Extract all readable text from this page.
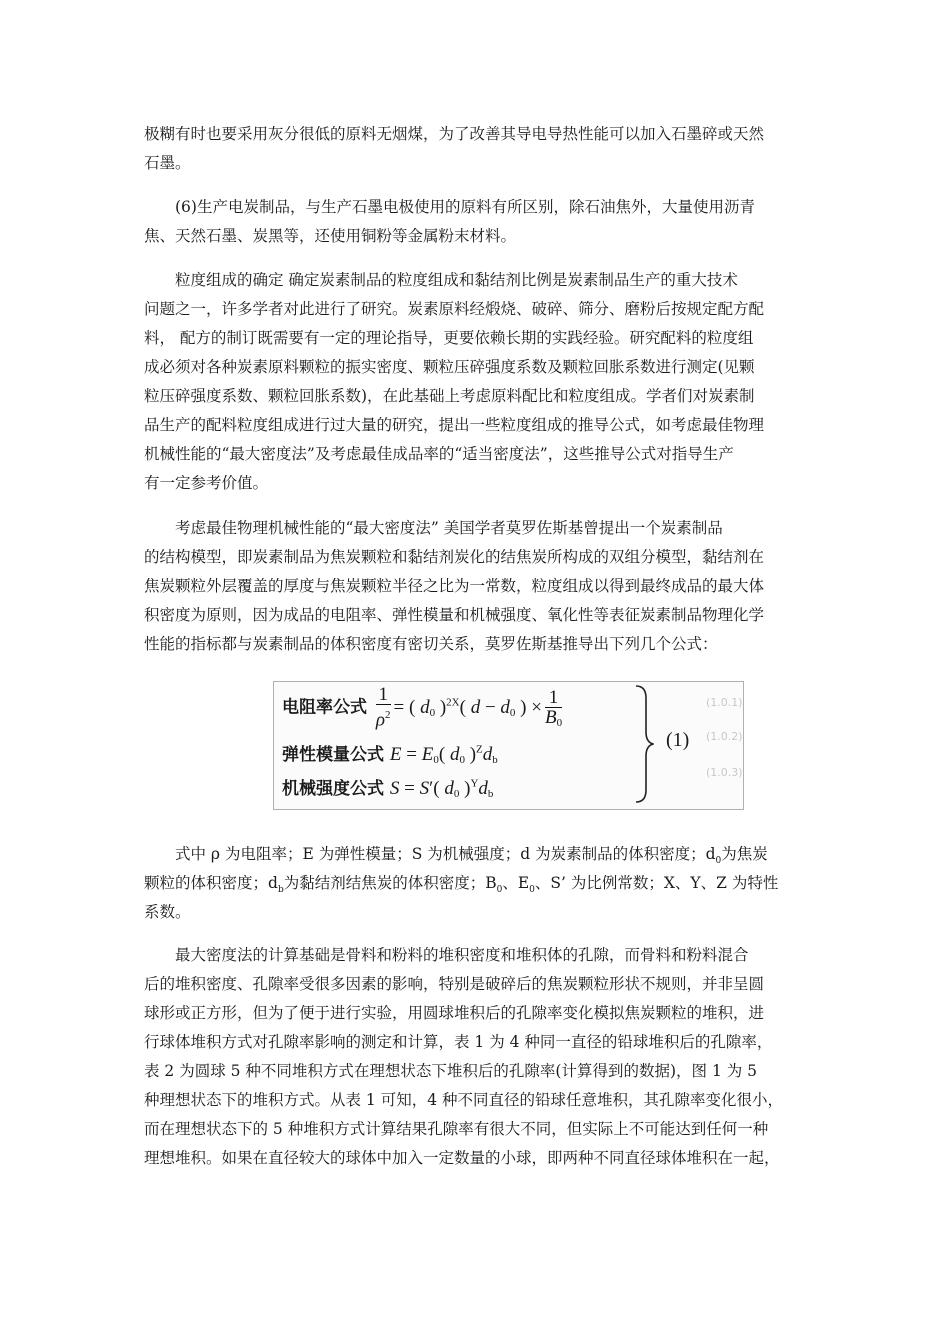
极糊有时也要采用灰分很低的原料无烟煤，为了改善其导电导热性能可以加入石墨碎或天然
石墨。

(6)生产电炭制品，与生产石墨电极使用的原料有所区别，除石油焦外，大量使用沥青
焦、天然石墨、炭黑等，还使用铜粉等金属粉末材料。

粒度组成的确定 确定炭素制品的粒度组成和黏结剂比例是炭素制品生产的重大技术
问题之一，许多学者对此进行了研究。炭素原料经煅烧、破碎、筛分、磨粉后按规定配方配
料， 配方的制订既需要有一定的理论指导，更要依赖长期的实践经验。研究配料的粒度组
成必须对各种炭素原料颗粒的振实密度、颗粒压碎强度系数及颗粒回胀系数进行测定(见颗
粒压碎强度系数、颗粒回胀系数)，在此基础上考虑原料配比和粒度组成。学者们对炭素制
品生产的配料粒度组成进行过大量的研究，提出一些粒度组成的推导公式，如考虑最佳物理
机械性能的“最大密度法”及考虑最佳成品率的“适当密度法”，这些推导公式对指导生产
有一定参考价值。

考虑最佳物理机械性能的“最大密度法” 美国学者莫罗佐斯基曾提出一个炭素制品
的结构模型，即炭素制品为焦炭颗粒和黏结剂炭化的结焦炭所构成的双组分模型，黏结剂在
焦炭颗粒外层覆盖的厚度与焦炭颗粒半径之比为一常数，粒度组成以得到最终成品的最大体
积密度为原则，因为成品的电阻率、弹性模量和机械强度、氧化性等表征炭素制品物理化学
性能的指标都与炭素制品的体积密度有密切关系，莫罗佐斯基推导出下列几个公式：

电阻率公式 $\frac{1}{\rho^2}$ = ( $d_0$ )$^{2X}$( $d - d_0$ ) × $\frac{1}{B_0}$
弹性模量公式 $E = E_0$( $d_0$ )$^Zd_b$
机械强度公式 S = S′( $d_0$ )$^Yd_b$
(1)
(1.0.1)
(1.0.2)
(1.0.3)

式中 ρ 为电阻率；E 为弹性模量；S 为机械强度；d 为炭素制品的体积密度；$d_0$为焦炭
颗粒的体积密度；$d_b$为黏结剂结焦炭的体积密度；$B_0$、$E_0$、S’ 为比例常数；X、Y、Z 为特性
系数。

最大密度法的计算基础是骨料和粉料的堆积密度和堆积体的孔隙，而骨料和粉料混合
后的堆积密度、孔隙率受很多因素的影响，特别是破碎后的焦炭颗粒形状不规则，并非呈圆
球形或正方形，但为了便于进行实验，用圆球堆积后的孔隙率变化模拟焦炭颗粒的堆积，进
行球体堆积方式对孔隙率影响的测定和计算，表 1 为 4 种同一直径的铅球堆积后的孔隙率，
表 2 为圆球 5 种不同堆积方式在理想状态下堆积后的孔隙率(计算得到的数据)，图 1 为 5
种理想状态下的堆积方式。从表 1 可知，4 种不同直径的铅球任意堆积，其孔隙率变化很小，
而在理想状态下的 5 种堆积方式计算结果孔隙率有很大不同，但实际上不可能达到任何一种
理想堆积。如果在直径较大的球体中加入一定数量的小球，即两种不同直径球体堆积在一起，
